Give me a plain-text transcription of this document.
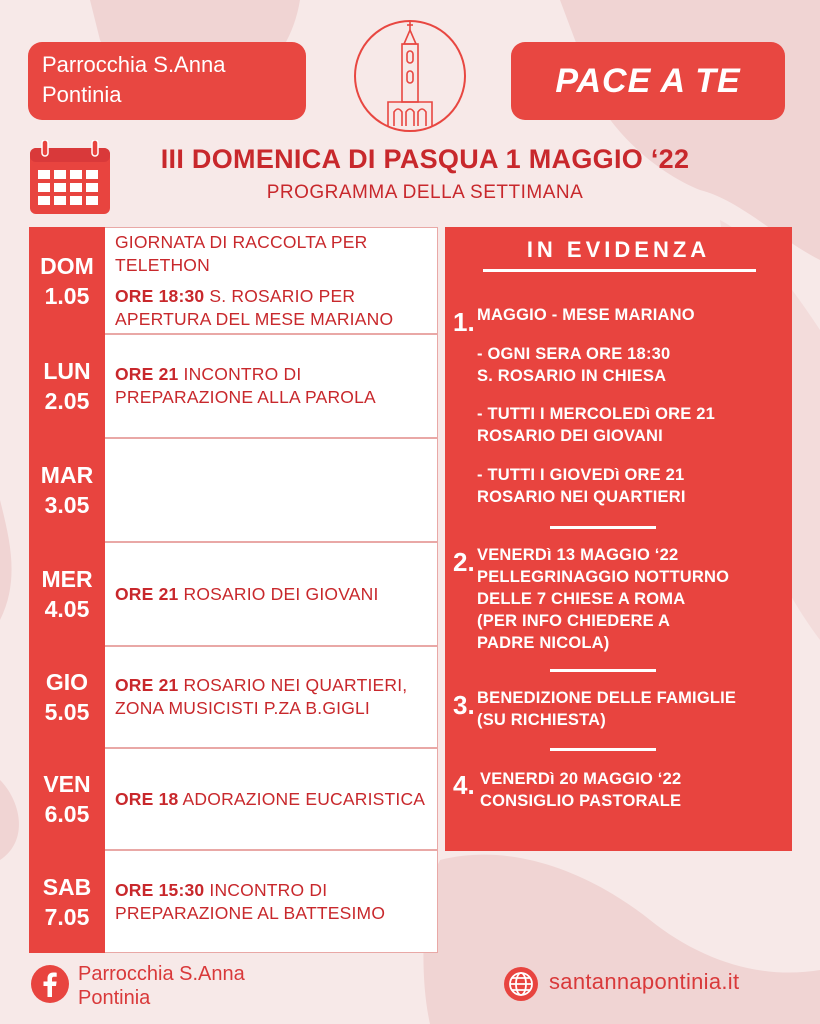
Parrocchia S.Anna
Pontinia	PACE A TE
III DOMENICA DI PASQUA 1 MAGGIO ‘22
PROGRAMMA DELLA SETTIMANA
DOM
1.05

GIORNATA DI RACCOLTA PER TELETHON

ORE 18:30 S. ROSARIO PER APERTURA DEL MESE MARIANO

LUN
2.05

ORE 21 INCONTRO DI PREPARAZIONE ALLA PAROLA

MAR
3.05
MER
4.05

ORE 21 ROSARIO DEI GIOVANI

GIO
5.05

ORE 21 ROSARIO NEI QUARTIERI, ZONA MUSICISTI P.ZA B.GIGLI

VEN
6.05

ORE 18 ADORAZIONE EUCARISTICA

SAB
7.05

ORE 15:30 INCONTRO DI PREPARAZIONE AL BATTESIMO

IN EVIDENZA
1. MAGGIO - MESE MARIANO
- OGNI SERA ORE 18:30
S. ROSARIO IN CHIESA
- TUTTI I MERCOLEDì ORE 21
ROSARIO DEI GIOVANI
- TUTTI I GIOVEDì ORE 21
ROSARIO NEI QUARTIERI
2. VENERDì 13 MAGGIO ‘22
PELLEGRINAGGIO NOTTURNO
DELLE 7 CHIESE A ROMA
(PER INFO CHIEDERE A
PADRE NICOLA)
3. BENEDIZIONE DELLE FAMIGLIE
(SU RICHIESTA)
4. VENERDì 20 MAGGIO ‘22
CONSIGLIO PASTORALE
Parrocchia S.Anna
Pontinia
santannapontinia.it
